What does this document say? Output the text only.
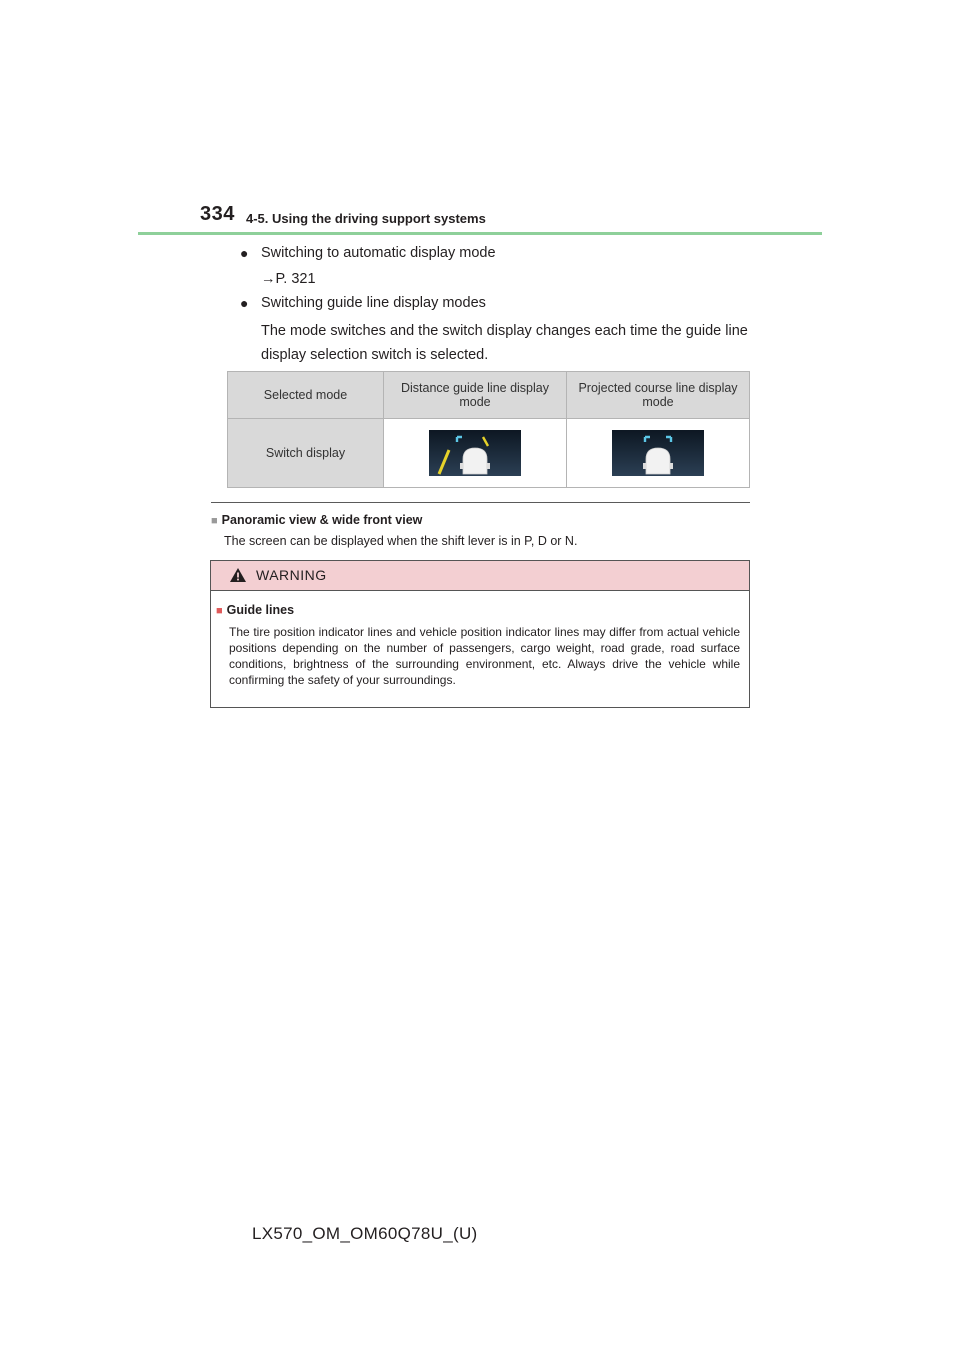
334 4-5. Using the driving support systems
● Switching to automatic display mode
→P. 321
● Switching guide line display modes
The mode switches and the switch display changes each time the guide line display selection switch is selected.
Selected mode	Distance guide line display mode	Projected course line display mode
Switch display	

■ Panoramic view & wide front view
The screen can be displayed when the shift lever is in P, D or N.
WARNING
■ Guide lines
The tire position indicator lines and vehicle position indicator lines may differ from actual vehicle positions depending on the number of passengers, cargo weight, road grade, road surface conditions, brightness of the surrounding environment, etc. Always drive the vehicle while confirming the safety of your surroundings.
LX570_OM_OM60Q78U_(U)
